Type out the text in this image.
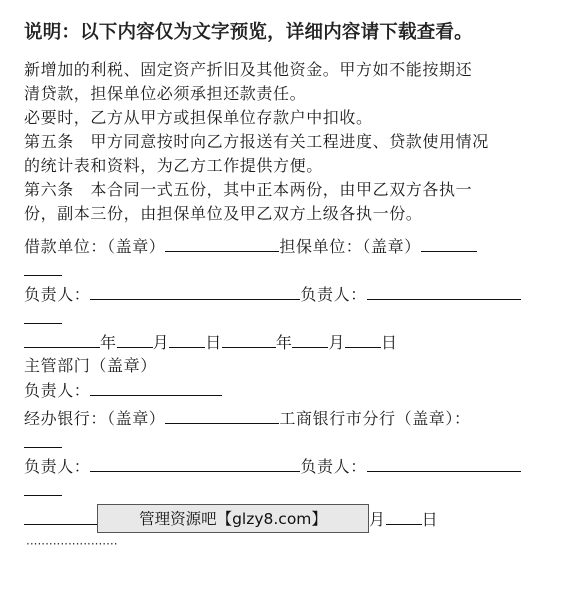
说明：以下内容仅为文字预览，详细内容请下载查看。
新增加的利税、固定资产折旧及其他资金。甲方如不能按期还
清贷款，担保单位必须承担还款责任。
必要时，乙方从甲方或担保单位存款户中扣收。
第五条　甲方同意按时向乙方报送有关工程进度、贷款使用情况
的统计表和资料，为乙方工作提供方便。
第六条　本合同一式五份，其中正本两份，由甲乙双方各执一
份，副本三份，由担保单位及甲乙双方上级各执一份。
借款单位：（盖章）	担保单位：（盖章）
负责人：	负责人：
年 月 日	年 月 日
主管部门（盖章）
负责人：
经办银行：（盖章）	工商银行市分行（盖章）：
负责人：	负责人：
月 日
管理资源吧【glzy8.com】
························
